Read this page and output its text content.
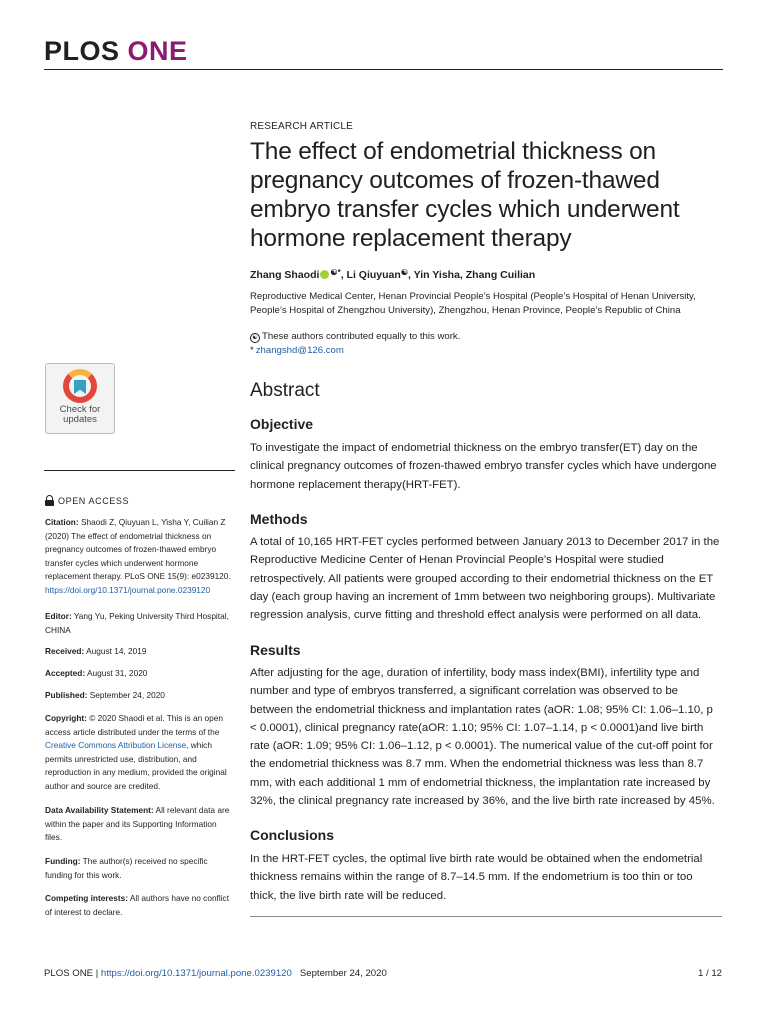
PLOS ONE
RESEARCH ARTICLE
The effect of endometrial thickness on pregnancy outcomes of frozen-thawed embryo transfer cycles which underwent hormone replacement therapy
Zhang Shaodi ☯*, Li Qiuyuan☯, Yin Yisha, Zhang Cuilian
Reproductive Medical Center, Henan Provincial People’s Hospital (People’s Hospital of Henan University, People’s Hospital of Zhengzhou University), Zhengzhou, Henan Province, People’s Republic of China
☯ These authors contributed equally to this work.
* zhangshd@126.com
Check for
updates
OPEN ACCESS
Citation: Shaodi Z, Qiuyuan L, Yisha Y, Cuilian Z (2020) The effect of endometrial thickness on pregnancy outcomes of frozen-thawed embryo transfer cycles which underwent hormone replacement therapy. PLoS ONE 15(9): e0239120. https://doi.org/10.1371/journal.pone.0239120
Editor: Yang Yu, Peking University Third Hospital, CHINA
Received: August 14, 2019
Accepted: August 31, 2020
Published: September 24, 2020
Copyright: © 2020 Shaodi et al. This is an open access article distributed under the terms of the Creative Commons Attribution License, which permits unrestricted use, distribution, and reproduction in any medium, provided the original author and source are credited.
Data Availability Statement: All relevant data are within the paper and its Supporting Information files.
Funding: The author(s) received no specific funding for this work.
Competing interests: All authors have no conflict of interest to declare.
Abstract
Objective
To investigate the impact of endometrial thickness on the embryo transfer(ET) day on the clinical pregnancy outcomes of frozen-thawed embryo transfer cycles which have undergone hormone replacement therapy(HRT-FET).
Methods
A total of 10,165 HRT-FET cycles performed between January 2013 to December 2017 in the Reproductive Medicine Center of Henan Provincial People’s Hospital were studied retrospectively. All patients were grouped according to their endometrial thickness on the ET day (each group having an increment of 1mm between two neighboring groups). Multivariate regression analysis, curve fitting and threshold effect analysis were performed on all data.
Results
After adjusting for the age, duration of infertility, body mass index(BMI), infertility type and number and type of embryos transferred, a significant correlation was observed to be between the endometrial thickness and implantation rates (aOR: 1.08; 95% CI: 1.06–1.10, p < 0.0001), clinical pregnancy rate(aOR: 1.10; 95% CI: 1.07–1.14, p < 0.0001)and live birth rate (aOR: 1.09; 95% CI: 1.06–1.12, p < 0.0001). The numerical value of the cut-off point for the endometrial thickness was 8.7 mm. When the endometrial thickness was less than 8.7 mm, with each additional 1 mm of endometrial thickness, the implantation rate increased by 32%, the clinical pregnancy rate increased by 36%, and the live birth rate increased by 45%.
Conclusions
In the HRT-FET cycles, the optimal live birth rate would be obtained when the endometrial thickness remains within the range of 8.7–14.5 mm. If the endometrium is too thin or too thick, the live birth rate will be reduced.
PLOS ONE | https://doi.org/10.1371/journal.pone.0239120 September 24, 2020	1 / 12
